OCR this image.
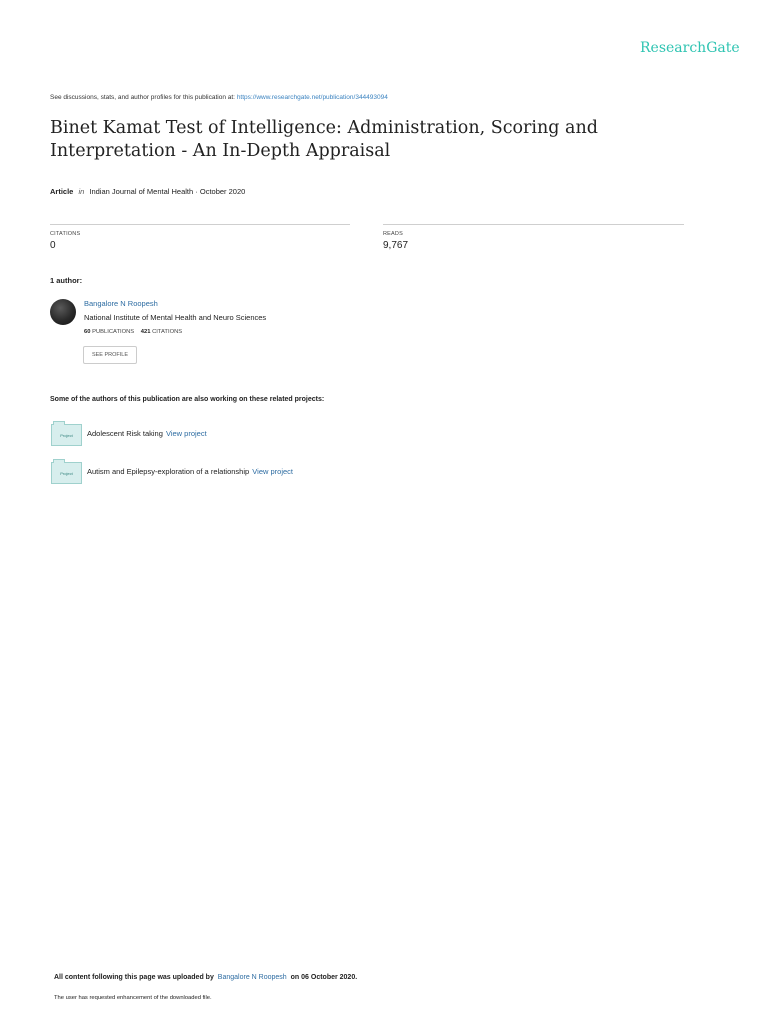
ResearchGate
See discussions, stats, and author profiles for this publication at: https://www.researchgate.net/publication/344493094
Binet Kamat Test of Intelligence: Administration, Scoring and Interpretation - An In-Depth Appraisal
Article in Indian Journal of Mental Health · October 2020
CITATIONS
0
READS
9,767
1 author:
Bangalore N Roopesh
National Institute of Mental Health and Neuro Sciences
60 PUBLICATIONS 421 CITATIONS
SEE PROFILE
Some of the authors of this publication are also working on these related projects:
Project	Adolescent Risk taking View project
Project	Autism and Epilepsy-exploration of a relationship View project
All content following this page was uploaded by Bangalore N Roopesh on 06 October 2020.
The user has requested enhancement of the downloaded file.
